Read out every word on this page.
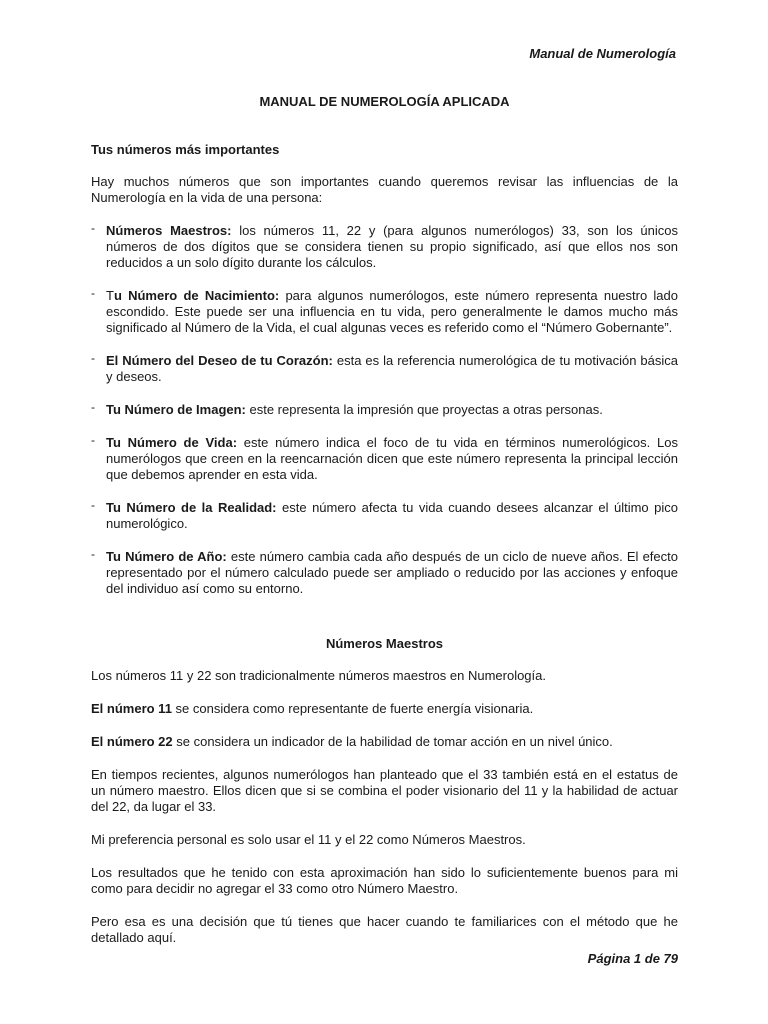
Manual de Numerología
MANUAL DE NUMEROLOGÍA APLICADA
Tus números más importantes

Hay muchos números que son importantes cuando queremos revisar las influencias de la Numerología en la vida de una persona:

- Números Maestros: los números 11, 22 y (para algunos numerólogos) 33, son los únicos números de dos dígitos que se considera tienen su propio significado, así que ellos nos son reducidos a un solo dígito durante los cálculos.
- Tu Número de Nacimiento: para algunos numerólogos, este número representa nuestro lado escondido. Este puede ser una influencia en tu vida, pero generalmente le damos mucho más significado al Número de la Vida, el cual algunas veces es referido como el “Número Gobernante”.
- El Número del Deseo de tu Corazón: esta es la referencia numerológica de tu motivación básica y deseos.
- Tu Número de Imagen: este representa la impresión que proyectas a otras personas.
- Tu Número de Vida: este número indica el foco de tu vida en términos numerológicos. Los numerólogos que creen en la reencarnación dicen que este número representa la principal lección que debemos aprender en esta vida.
- Tu Número de la Realidad: este número afecta tu vida cuando desees alcanzar el último pico numerológico.
- Tu Número de Año: este número cambia cada año después de un ciclo de nueve años. El efecto representado por el número calculado puede ser ampliado o reducido por las acciones y enfoque del individuo así como su entorno.
Números Maestros

Los números 11 y 22 son tradicionalmente números maestros en Numerología.

El número 11 se considera como representante de fuerte energía visionaria.

El número 22 se considera un indicador de la habilidad de tomar acción en un nivel único.

En tiempos recientes, algunos numerólogos han planteado que el 33 también está en el estatus de un número maestro. Ellos dicen que si se combina el poder visionario del 11 y la habilidad de actuar del 22, da lugar el 33.

Mi preferencia personal es solo usar el 11 y el 22 como Números Maestros.

Los resultados que he tenido con esta aproximación han sido lo suficientemente buenos para mi como para decidir no agregar el 33 como otro Número Maestro.

Pero esa es una decisión que tú tienes que hacer cuando te familiarices con el método que he detallado aquí.

Página 1 de 79
